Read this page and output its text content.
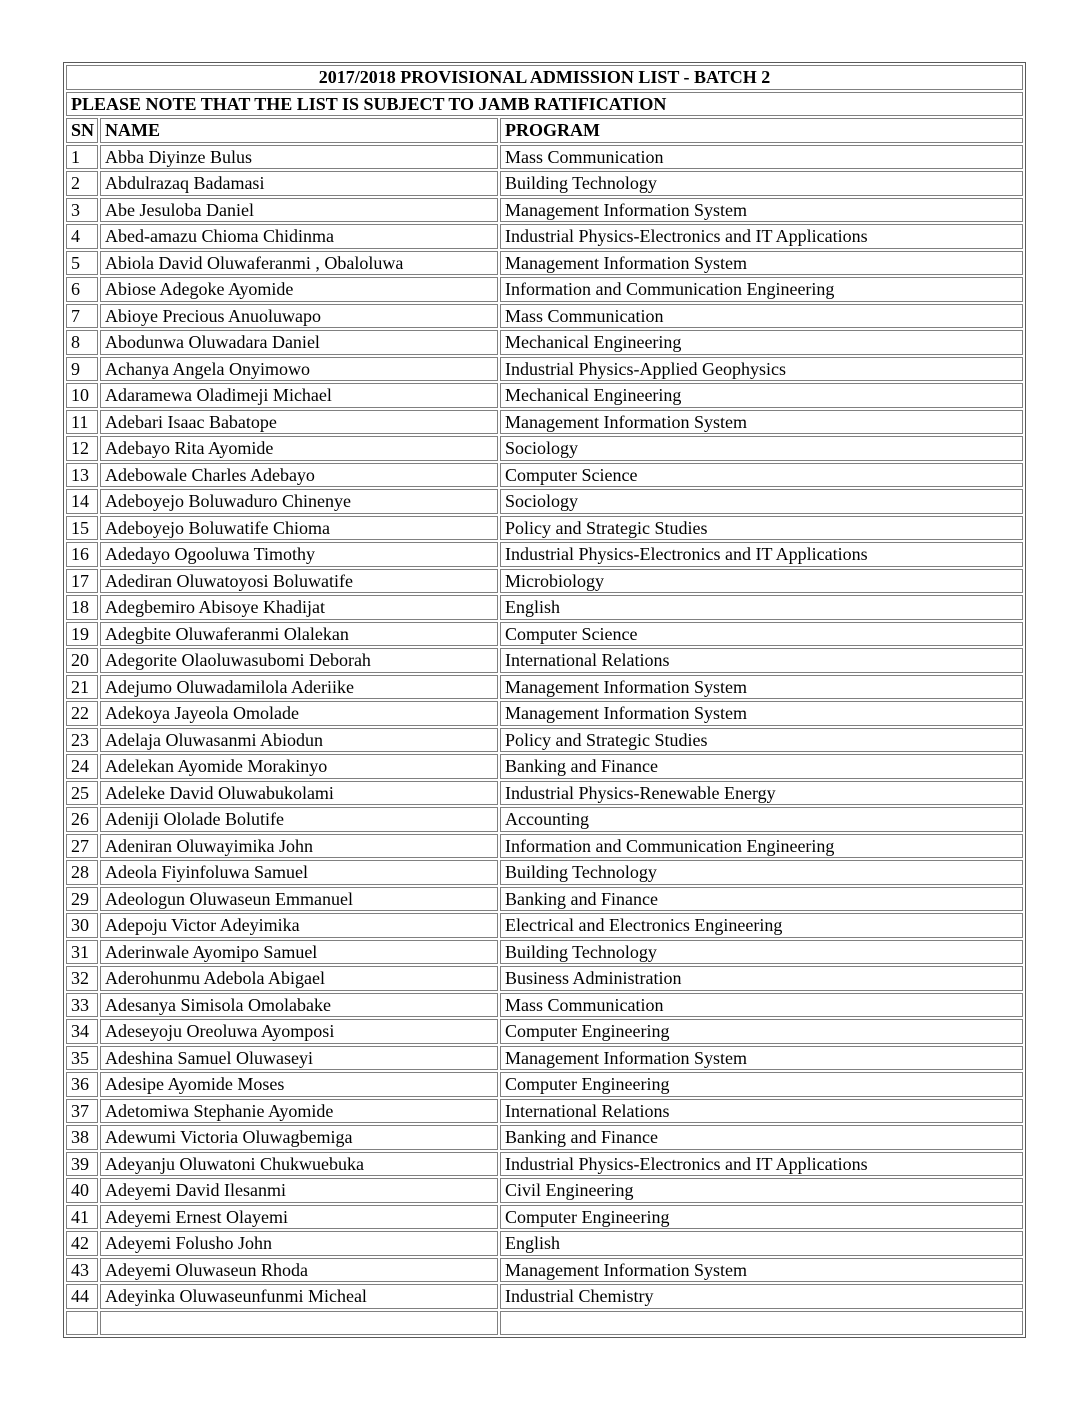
2017/2018 PROVISIONAL ADMISSION LIST - BATCH 2		
PLEASE NOTE THAT THE LIST IS SUBJECT TO JAMB RATIFICATION		
SN	NAME	PROGRAM
1	Abba Diyinze Bulus	Mass Communication
2	Abdulrazaq Badamasi	Building Technology
3	Abe Jesuloba Daniel	Management Information System
4	Abed-amazu Chioma Chidinma	Industrial Physics-Electronics and IT Applications
5	Abiola David Oluwaferanmi , Obaloluwa	Management Information System
6	Abiose Adegoke Ayomide	Information and Communication Engineering
7	Abioye Precious Anuoluwapo	Mass Communication
8	Abodunwa Oluwadara Daniel	Mechanical Engineering
9	Achanya Angela Onyimowo	Industrial Physics-Applied Geophysics
10	Adaramewa Oladimeji Michael	Mechanical Engineering
11	Adebari Isaac Babatope	Management Information System
12	Adebayo Rita Ayomide	Sociology
13	Adebowale Charles Adebayo	Computer Science
14	Adeboyejo Boluwaduro Chinenye	Sociology
15	Adeboyejo Boluwatife Chioma	Policy and Strategic Studies
16	Adedayo Ogooluwa Timothy	Industrial Physics-Electronics and IT Applications
17	Adediran Oluwatoyosi Boluwatife	Microbiology
18	Adegbemiro Abisoye Khadijat	English
19	Adegbite Oluwaferanmi Olalekan	Computer Science
20	Adegorite Olaoluwasubomi Deborah	International Relations
21	Adejumo Oluwadamilola Aderiike	Management Information System
22	Adekoya Jayeola Omolade	Management Information System
23	Adelaja Oluwasanmi Abiodun	Policy and Strategic Studies
24	Adelekan Ayomide Morakinyo	Banking and Finance
25	Adeleke David Oluwabukolami	Industrial Physics-Renewable Energy
26	Adeniji Ololade Bolutife	Accounting
27	Adeniran Oluwayimika John	Information and Communication Engineering
28	Adeola Fiyinfoluwa Samuel	Building Technology
29	Adeologun Oluwaseun Emmanuel	Banking and Finance
30	Adepoju Victor Adeyimika	Electrical and Electronics Engineering
31	Aderinwale Ayomipo Samuel	Building Technology
32	Aderohunmu Adebola Abigael	Business Administration
33	Adesanya Simisola Omolabake	Mass Communication
34	Adeseyoju Oreoluwa Ayomposi	Computer Engineering
35	Adeshina Samuel Oluwaseyi	Management Information System
36	Adesipe Ayomide Moses	Computer Engineering
37	Adetomiwa Stephanie Ayomide	International Relations
38	Adewumi Victoria Oluwagbemiga	Banking and Finance
39	Adeyanju Oluwatoni Chukwuebuka	Industrial Physics-Electronics and IT Applications
40	Adeyemi David Ilesanmi	Civil Engineering
41	Adeyemi Ernest Olayemi	Computer Engineering
42	Adeyemi Folusho John	English
43	Adeyemi Oluwaseun Rhoda	Management Information System
44	Adeyinka Oluwaseunfunmi Micheal	Industrial Chemistry
